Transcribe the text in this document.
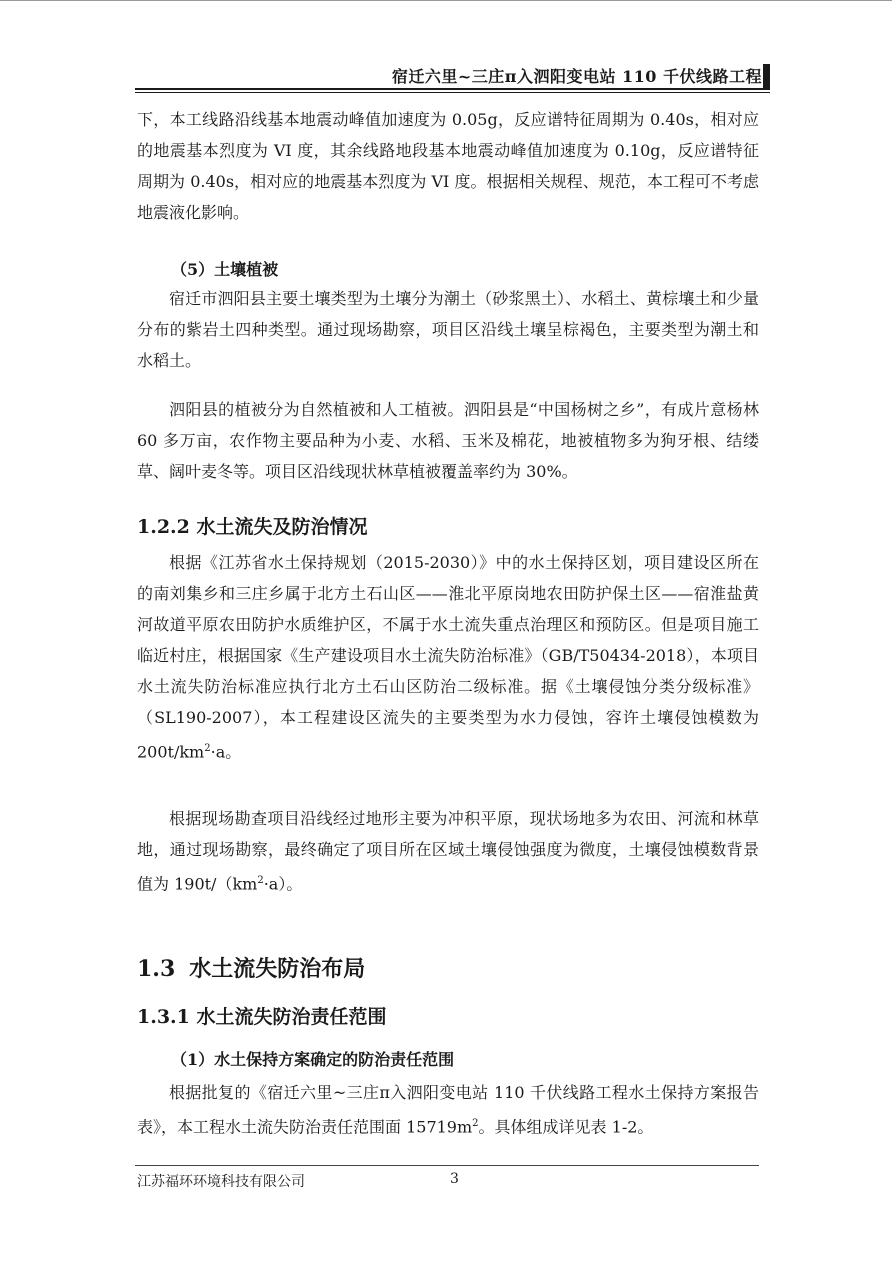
宿迁六里~三庄π入泗阳变电站 110 千伏线路工程

下，本工线路沿线基本地震动峰值加速度为 0.05g，反应谱特征周期为 0.40s，相对应的地震基本烈度为 VI 度，其余线路地段基本地震动峰值加速度为 0.10g，反应谱特征周期为 0.40s，相对应的地震基本烈度为 VI 度。根据相关规程、规范，本工程可不考虑地震液化影响。

（5）土壤植被

宿迁市泗阳县主要土壤类型为土壤分为潮土（砂浆黑土）、水稻土、黄棕壤土和少量分布的紫岩土四种类型。通过现场勘察，项目区沿线土壤呈棕褐色，主要类型为潮土和水稻土。

泗阳县的植被分为自然植被和人工植被。泗阳县是“中国杨树之乡”，有成片意杨林 60 多万亩，农作物主要品种为小麦、水稻、玉米及棉花，地被植物多为狗牙根、结缕草、阔叶麦冬等。项目区沿线现状林草植被覆盖率约为 30%。

1.2.2 水土流失及防治情况

根据《江苏省水土保持规划（2015-2030）》中的水土保持区划，项目建设区所在的南刘集乡和三庄乡属于北方土石山区——淮北平原岗地农田防护保土区——宿淮盐黄河故道平原农田防护水质维护区，不属于水土流失重点治理区和预防区。但是项目施工临近村庄，根据国家《生产建设项目水土流失防治标准》（GB/T50434-2018），本项目水土流失防治标准应执行北方土石山区防治二级标准。据《土壤侵蚀分类分级标准》（SL190-2007），本工程建设区流失的主要类型为水力侵蚀，容许土壤侵蚀模数为 $200t/km^2\cdot a$。

根据现场勘查项目沿线经过地形主要为冲积平原，现状场地多为农田、河流和林草地，通过现场勘察，最终确定了项目所在区域土壤侵蚀强度为微度，土壤侵蚀模数背景值为 $190t/(km^2\cdot a)$。

1.3 水土流失防治布局

1.3.1 水土流失防治责任范围

（1）水土保持方案确定的防治责任范围

根据批复的《宿迁六里~三庄π入泗阳变电站 110 千伏线路工程水土保持方案报告表》，本工程水土流失防治责任范围面 $15719m^2$。具体组成详见表 1-2。

江苏福环环境科技有限公司	3
